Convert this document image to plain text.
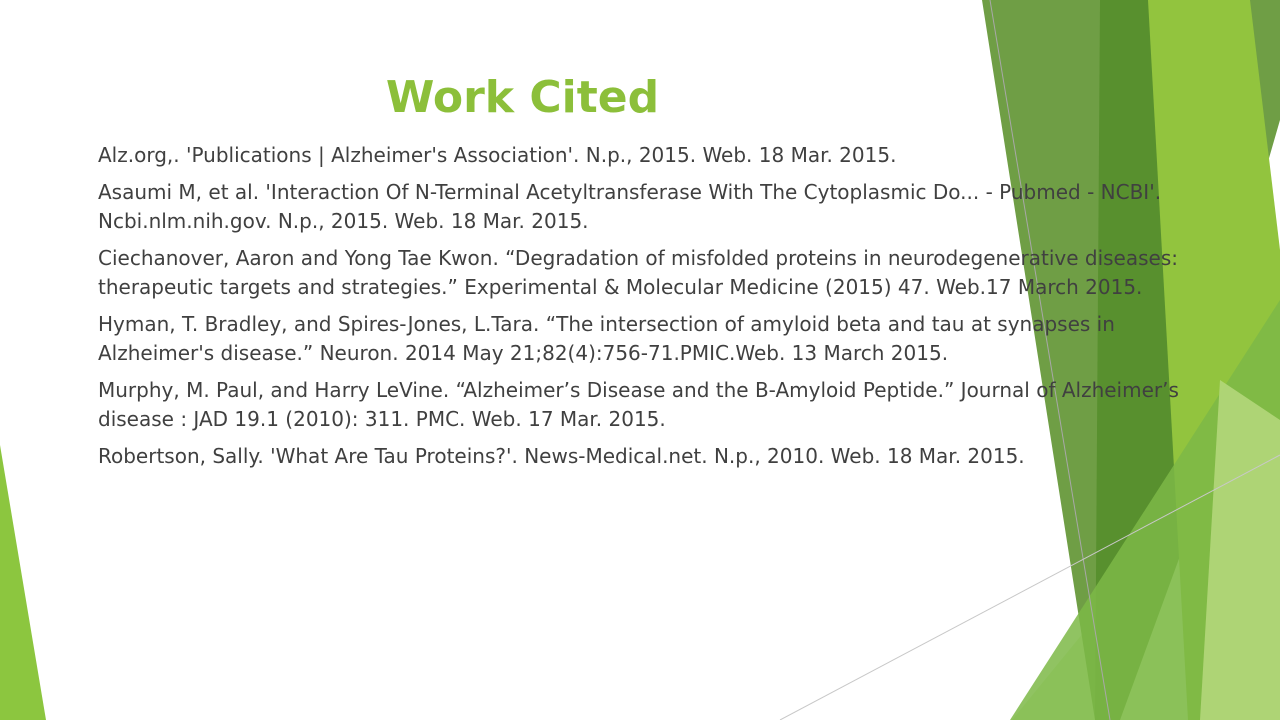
Work Cited
Alz.org,. 'Publications | Alzheimer's Association'. N.p., 2015. Web. 18 Mar. 2015.
Asaumi M, et al. 'Interaction Of N-Terminal Acetyltransferase With The Cytoplasmic Do... - Pubmed - NCBI'. Ncbi.nlm.nih.gov. N.p., 2015. Web. 18 Mar. 2015.
Ciechanover, Aaron and Yong Tae Kwon. “Degradation of misfolded proteins in neurodegenerative diseases: therapeutic targets and strategies.” Experimental & Molecular Medicine (2015) 47. Web.17 March 2015.
Hyman, T. Bradley, and Spires-Jones, L.Tara. “The intersection of amyloid beta and tau at synapses in Alzheimer's disease.” Neuron. 2014 May 21;82(4):756-71.PMIC.Web. 13 March 2015.
Murphy, M. Paul, and Harry LeVine. “Alzheimer’s Disease and the B-Amyloid Peptide.” Journal of Alzheimer’s disease : JAD 19.1 (2010): 311. PMC. Web. 17 Mar. 2015.
Robertson, Sally. 'What Are Tau Proteins?'. News-Medical.net. N.p., 2010. Web. 18 Mar. 2015.
